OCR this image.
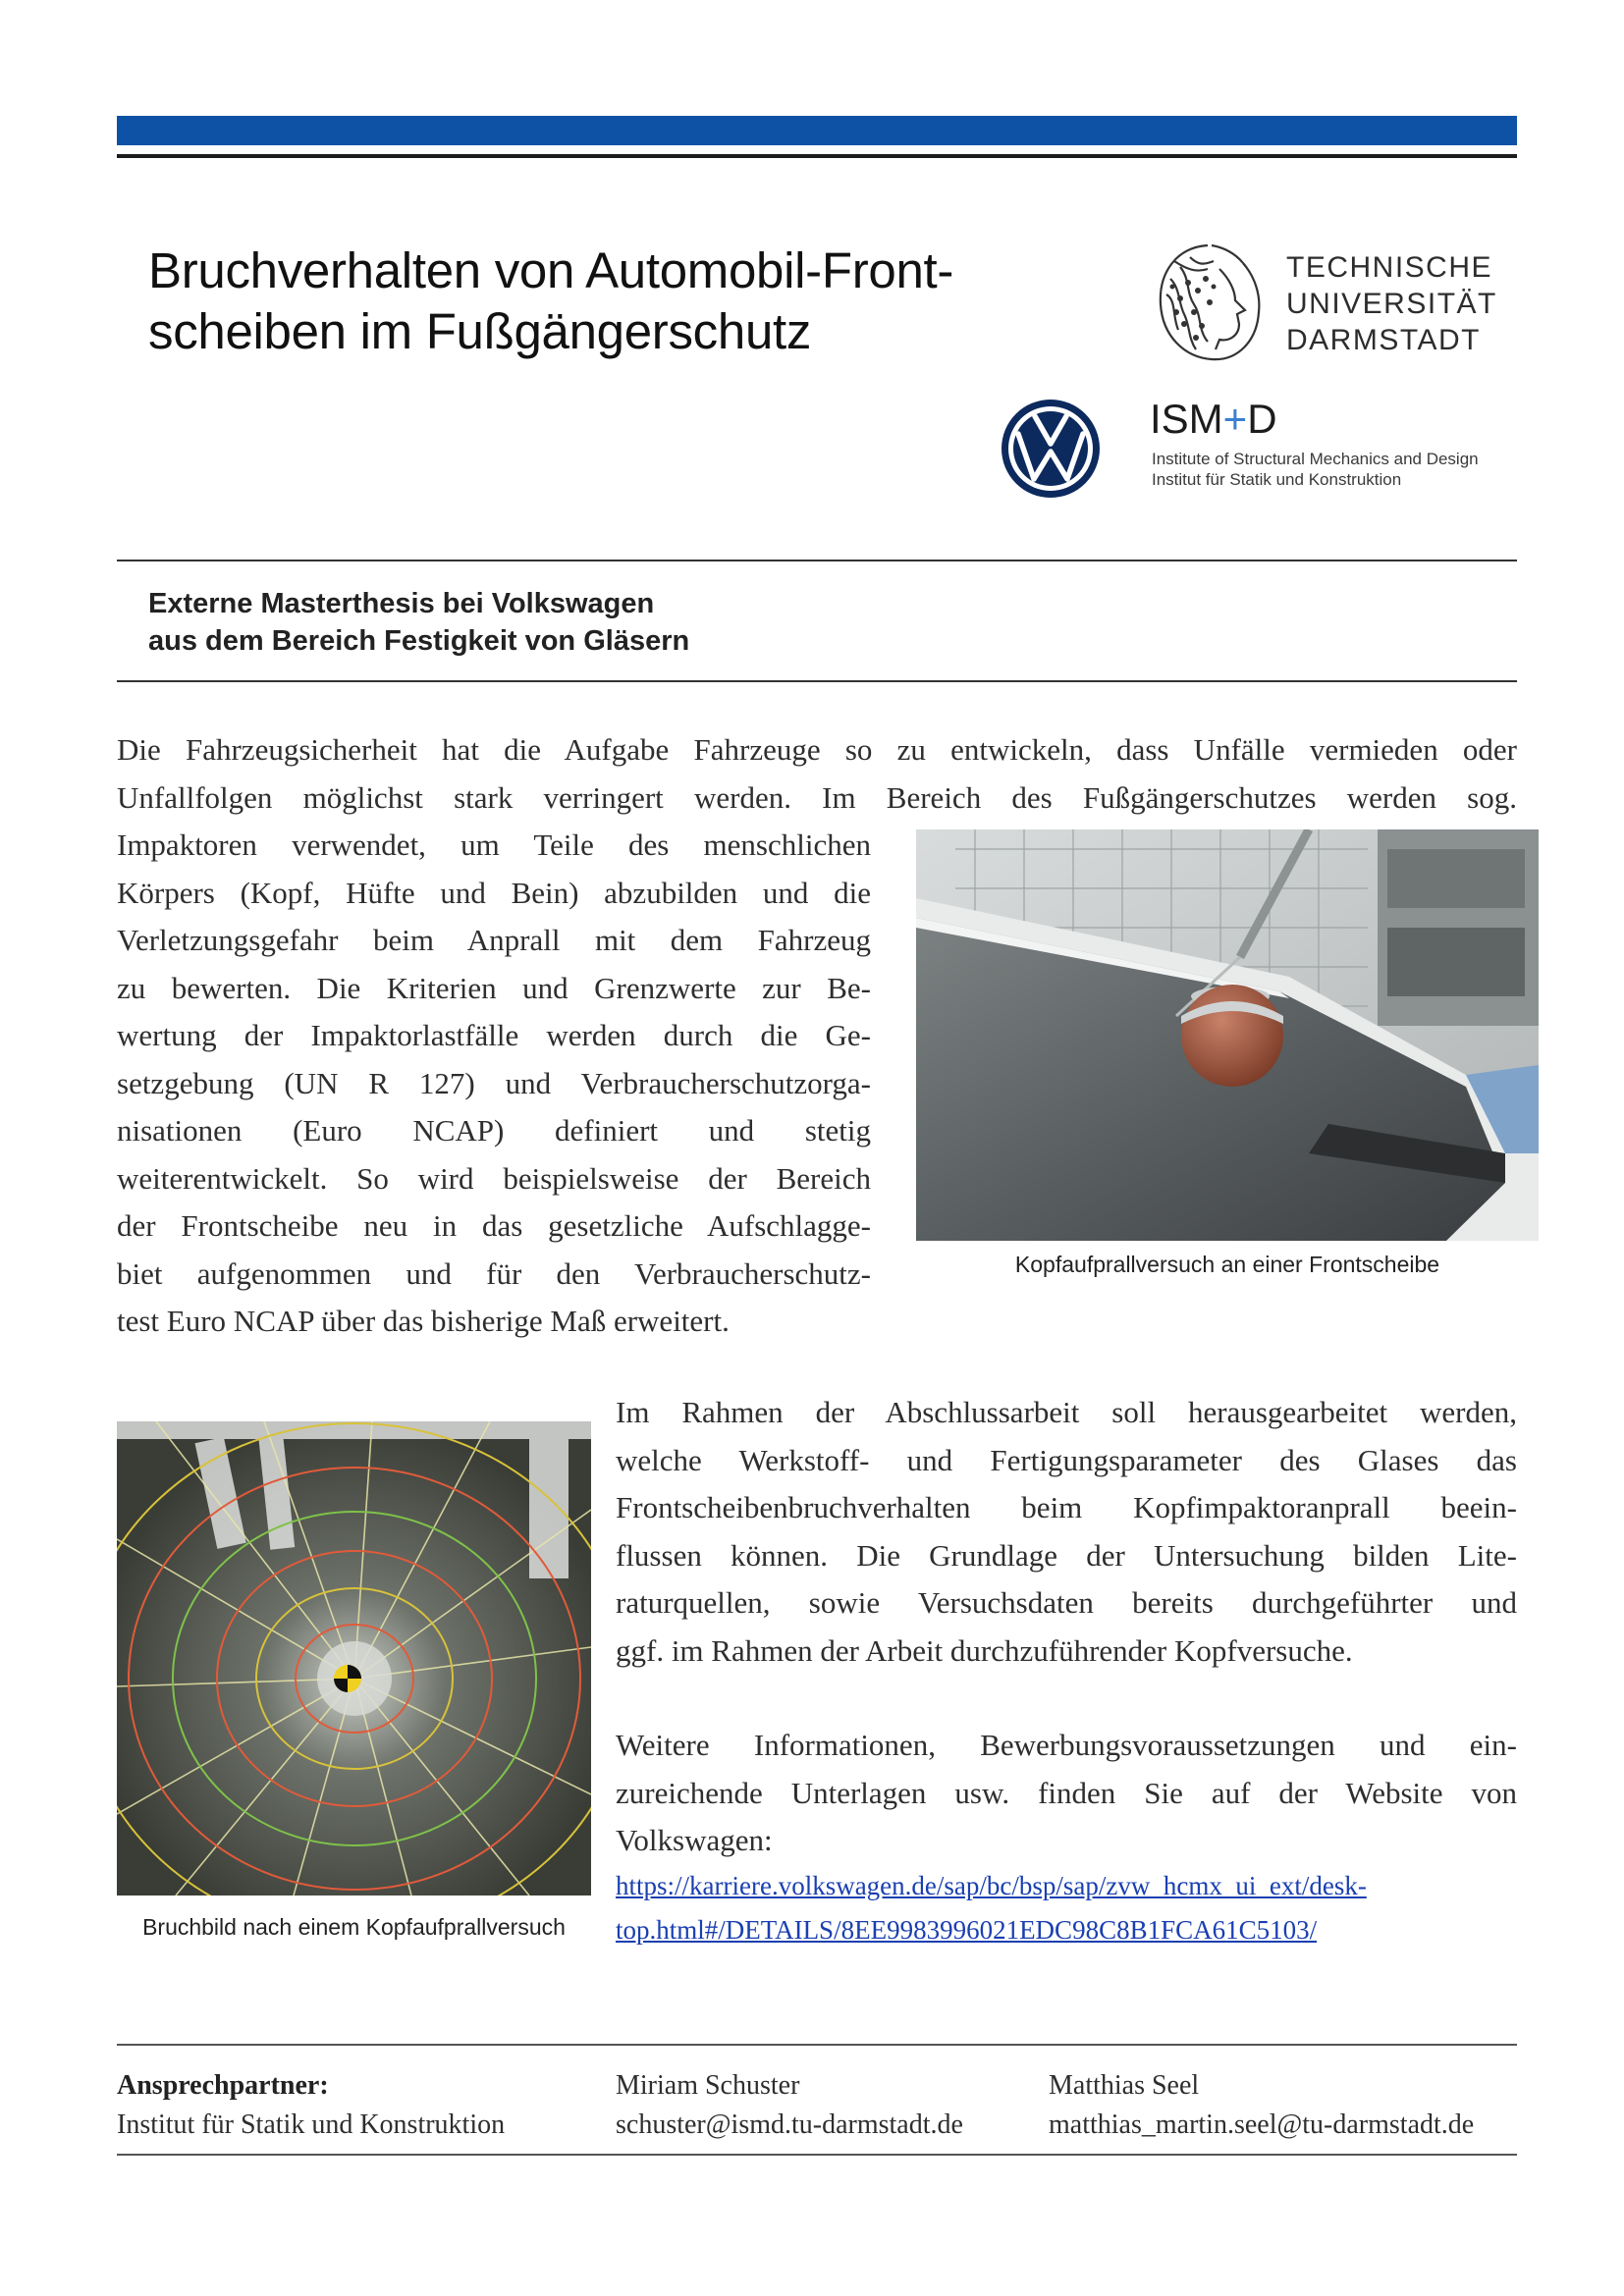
Bruchverhalten von Automobil-Front-
scheiben im Fußgängerschutz
TECHNISCHE
UNIVERSITÄT
DARMSTADT
ISM+D
Institute of Structural Mechanics and Design
Institut für Statik und Konstruktion
Externe Masterthesis bei Volkswagen
aus dem Bereich Festigkeit von Gläsern
Die Fahrzeugsicherheit hat die Aufgabe Fahrzeuge so zu entwickeln, dass Unfälle vermieden oder
Unfallfolgen möglichst stark verringert werden. Im Bereich des Fußgängerschutzes werden sog.
Impaktoren verwendet, um Teile des menschlichen
Körpers (Kopf, Hüfte und Bein) abzubilden und die
Verletzungsgefahr beim Anprall mit dem Fahrzeug
zu bewerten. Die Kriterien und Grenzwerte zur Be-
wertung der Impaktorlastfälle werden durch die Ge-
setzgebung (UN R 127) und Verbraucherschutzorga-
nisationen (Euro NCAP) definiert und stetig
weiterentwickelt. So wird beispielsweise der Bereich
der Frontscheibe neu in das gesetzliche Aufschlagge-
biet aufgenommen und für den Verbraucherschutz-
test Euro NCAP über das bisherige Maß erweitert.
Kopfaufprallversuch an einer Frontscheibe
Bruchbild nach einem Kopfaufprallversuch
Im Rahmen der Abschlussarbeit soll herausgearbeitet werden,
welche Werkstoff- und Fertigungsparameter des Glases das
Frontscheibenbruchverhalten beim Kopfimpaktoranprall beein-
flussen können. Die Grundlage der Untersuchung bilden Lite-
raturquellen, sowie Versuchsdaten bereits durchgeführter und
ggf. im Rahmen der Arbeit durchzuführender Kopfversuche.
Weitere Informationen, Bewerbungsvoraussetzungen und ein-
zureichende Unterlagen usw. finden Sie auf der Website von
Volkswagen:
https://karriere.volkswagen.de/sap/bc/bsp/sap/zvw_hcmx_ui_ext/desk-
top.html#/DETAILS/8EE9983996021EDC98C8B1FCA61C5103/
Ansprechpartner:
Institut für Statik und Konstruktion
Miriam Schuster
schuster@ismd.tu-darmstadt.de
Matthias Seel
matthias_martin.seel@tu-darmstadt.de
